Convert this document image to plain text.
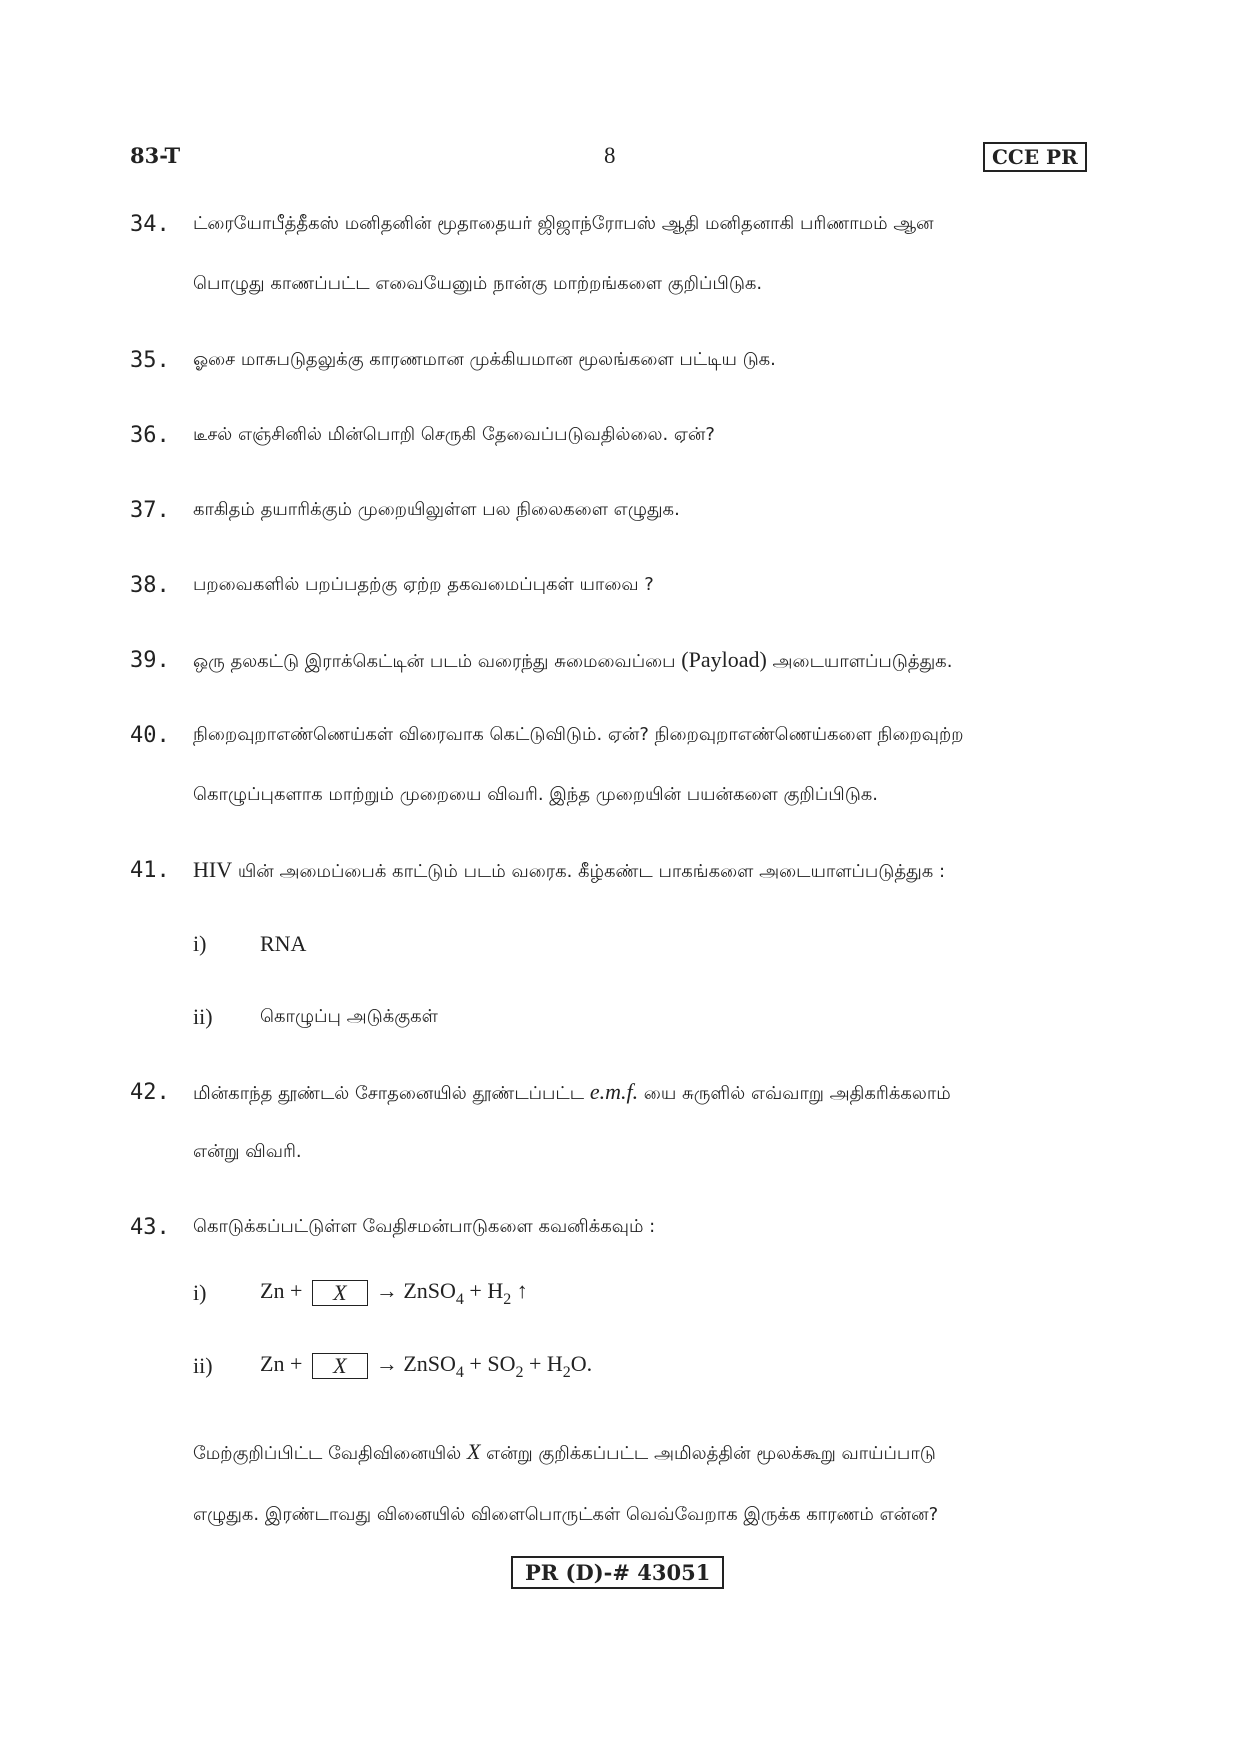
83-T	8	CCE PR
34. ட்ரையோபீத்தீகஸ் மனிதனின் மூதாதையர் ஜிஜாந்ரோபஸ் ஆதி மனிதனாகி பரிணாமம் ஆன
பொழுது காணப்பட்ட எவையேனும் நான்கு மாற்றங்களை குறிப்பிடுக.
35. ஓசை மாசுபடுதலுக்கு காரணமான முக்கியமான மூலங்களை பட்டிய டுக.
36. டீசல் எஞ்சினில் மின்பொறி செருகி தேவைப்படுவதில்லை. ஏன்?
37. காகிதம் தயாரிக்கும் முறையிலுள்ள பல நிலைகளை எழுதுக.
38. பறவைகளில் பறப்பதற்கு ஏற்ற தகவமைப்புகள் யாவை ?
39. ஒரு தலகட்டு இராக்கெட்டின் படம் வரைந்து சுமைவைப்பை (Payload) அடையாளப்படுத்துக.
40. நிறைவுறாஎண்ணெய்கள் விரைவாக கெட்டுவிடும். ஏன்? நிறைவுறாஎண்ணெய்களை நிறைவுற்ற
கொழுப்புகளாக மாற்றும் முறையை விவரி. இந்த முறையின் பயன்களை குறிப்பிடுக.
41. HIV யின் அமைப்பைக் காட்டும் படம் வரைக. கீழ்கண்ட பாகங்களை அடையாளப்படுத்துக :
i) RNA
ii)	கொழுப்பு அடுக்குகள்
42. மின்காந்த தூண்டல் சோதனையில் தூண்டப்பட்ட e.m.f. யை சுருளில் எவ்வாறு அதிகரிக்கலாம்
என்று விவரி.
43. கொடுக்கப்பட்டுள்ள வேதிசமன்பாடுகளை கவனிக்கவும் :
i) Zn + X → ZnSO$_4$ + $H_2$ ↑
ii) Zn + X → ZnSO$_4$ + $SO_2 + H_2O$.
மேற்குறிப்பிட்ட வேதிவினையில் X என்று குறிக்கப்பட்ட அமிலத்தின் மூலக்கூறு வாய்ப்பாடு
எழுதுக. இரண்டாவது வினையில் விளைபொருட்கள் வெவ்வேறாக இருக்க காரணம் என்ன?
PR (D)-# 43051
